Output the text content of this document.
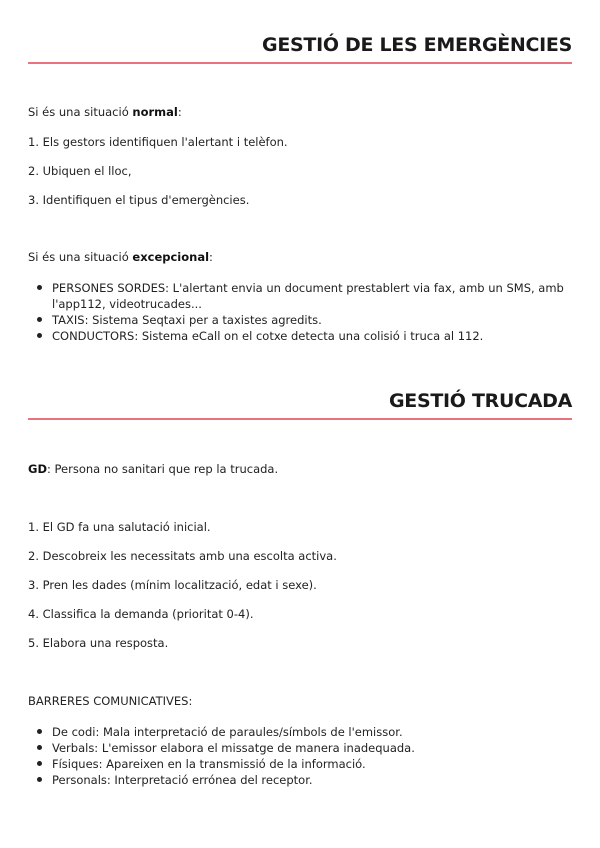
GESTIÓ DE LES EMERGÈNCIES
Si és una situació normal:
1. Els gestors identifiquen l'alertant i telèfon.
2. Ubiquen el lloc,
3. Identifiquen el tipus d'emergències.
Si és una situació excepcional:
PERSONES SORDES: L'alertant envia un document prestablert via fax, amb un SMS, amb l'app112, videotrucades...
TAXIS: Sistema Seqtaxi per a taxistes agredits.
CONDUCTORS: Sistema eCall on el cotxe detecta una colisió i truca al 112.
GESTIÓ TRUCADA
GD: Persona no sanitari que rep la trucada.
1. El GD fa una salutació inicial.
2. Descobreix les necessitats amb una escolta activa.
3. Pren les dades (mínim localització, edat i sexe).
4. Classifica la demanda (prioritat 0-4).
5. Elabora una resposta.
BARRERES COMUNICATIVES:
De codi: Mala interpretació de paraules/símbols de l'emissor.
Verbals: L'emissor elabora el missatge de manera inadequada.
Físiques: Apareixen en la transmissió de la informació.
Personals: Interpretació errónea del receptor.
